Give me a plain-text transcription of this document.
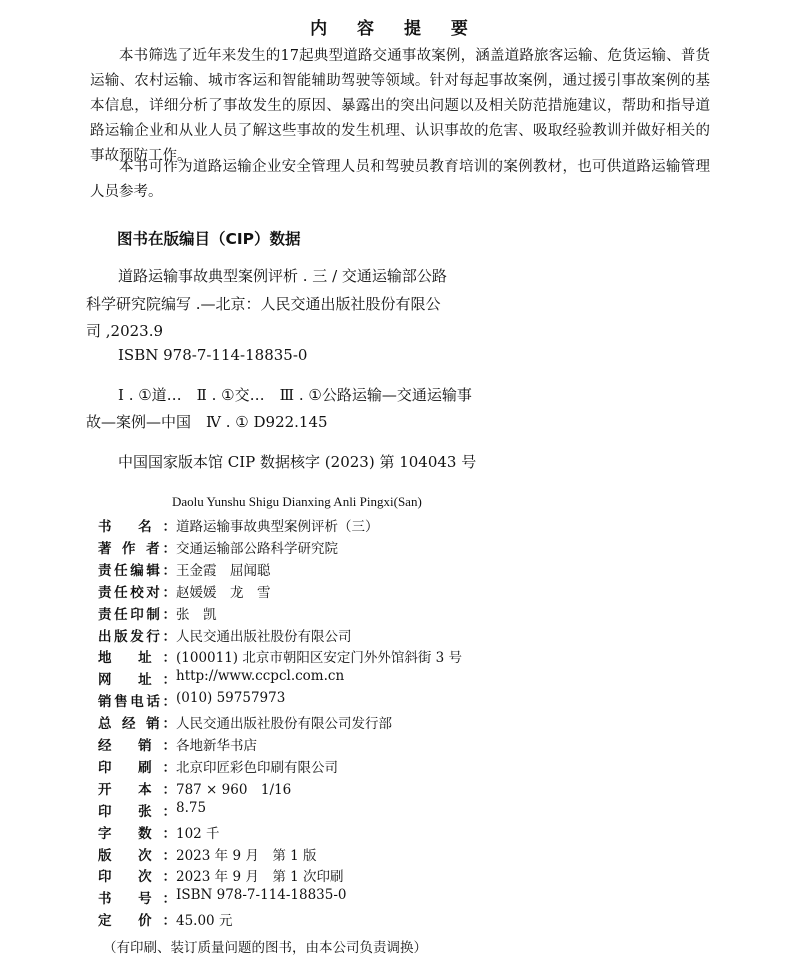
内 容 提 要
本书筛选了近年来发生的17起典型道路交通事故案例，涵盖道路旅客运输、危货运输、普货运输、农村运输、城市客运和智能辅助驾驶等领域。针对每起事故案例，通过援引事故案例的基本信息，详细分析了事故发生的原因、暴露出的突出问题以及相关防范措施建议，帮助和指导道路运输企业和从业人员了解这些事故的发生机理、认识事故的危害、吸取经验教训并做好相关的事故预防工作。
本书可作为道路运输企业安全管理人员和驾驶员教育培训的案例教材，也可供道路运输管理人员参考。
图书在版编目（CIP）数据
道路运输事故典型案例评析 . 三 / 交通运输部公路
科学研究院编写 .—北京：人民交通出版社股份有限公
司 ,2023.9
ISBN 978-7-114-18835-0
Ⅰ . ①道…　Ⅱ . ①交…　Ⅲ . ①公路运输—交通运输事
故—案例—中国　Ⅳ . ① D922.145
中国国家版本馆 CIP 数据核字 (2023) 第 104043 号
Daolu Yunshu Shigu Dianxing Anli Pingxi(San)
书 名： 道路运输事故典型案例评析（三）
著 作 者： 交通运输部公路科学研究院
责任编辑： 王金霞　屈闻聪
责任校对： 赵媛媛　龙　雪
责任印制： 张　凯
出版发行： 人民交通出版社股份有限公司
地 址： (100011) 北京市朝阳区安定门外外馆斜街 3 号
网 址： http://www.ccpcl.com.cn
销售电话： (010) 59757973
总 经 销： 人民交通出版社股份有限公司发行部
经 销： 各地新华书店
印 刷： 北京印匠彩色印刷有限公司
开 本： 787 × 960　1/16
印 张： 8.75
字 数： 102 千
版 次： 2023 年 9 月　第 1 版
印 次： 2023 年 9 月　第 1 次印刷
书 号： ISBN 978-7-114-18835-0
定 价： 45.00 元
（有印刷、装订质量问题的图书，由本公司负责调换）
